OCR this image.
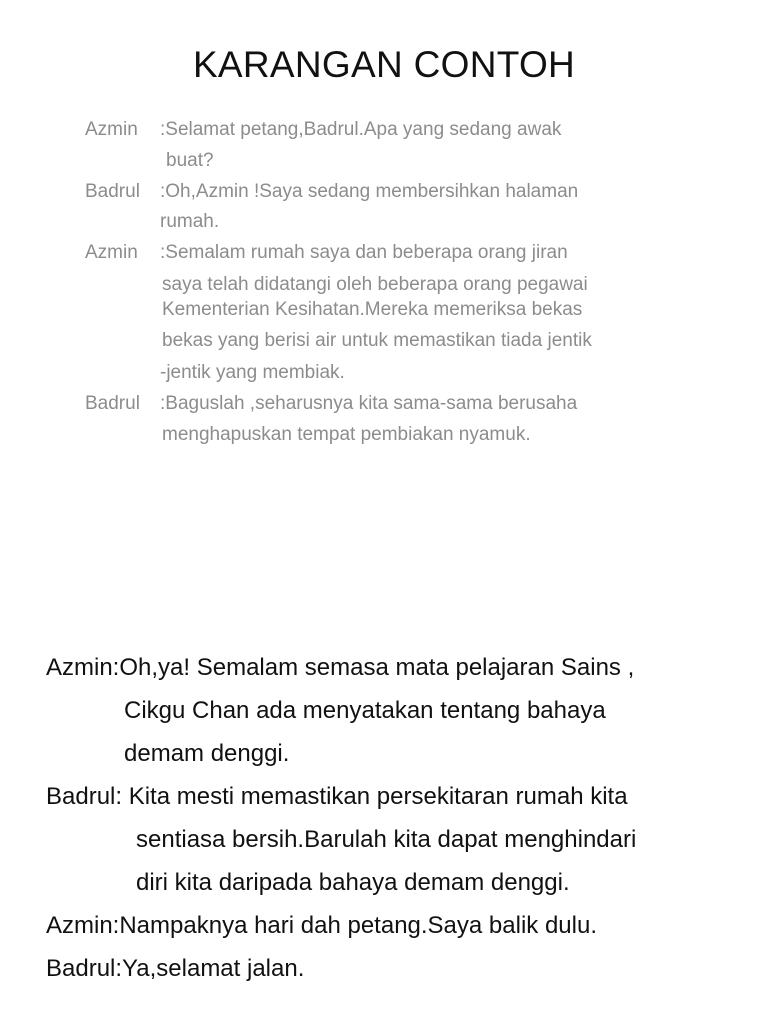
KARANGAN CONTOH
Azmin :Selamat petang,Badrul.Apa yang sedang awak
buat?
Badrul :Oh,Azmin !Saya sedang membersihkan halaman
rumah.
Azmin :Semalam rumah saya dan beberapa orang jiran
saya telah didatangi oleh beberapa orang pegawai
Kementerian Kesihatan.Mereka memeriksa bekas
bekas yang berisi air untuk memastikan tiada jentik
-jentik yang membiak.
Badrul :Baguslah ,seharusnya kita sama-sama berusaha
menghapuskan tempat pembiakan nyamuk.
Azmin:Oh,ya! Semalam semasa mata pelajaran Sains ,
Cikgu Chan ada menyatakan tentang bahaya
demam denggi.
Badrul: Kita mesti memastikan persekitaran rumah kita
sentiasa bersih.Barulah kita dapat menghindari
diri kita daripada bahaya demam denggi.
Azmin:Nampaknya hari dah petang.Saya balik dulu.
Badrul:Ya,selamat jalan.
